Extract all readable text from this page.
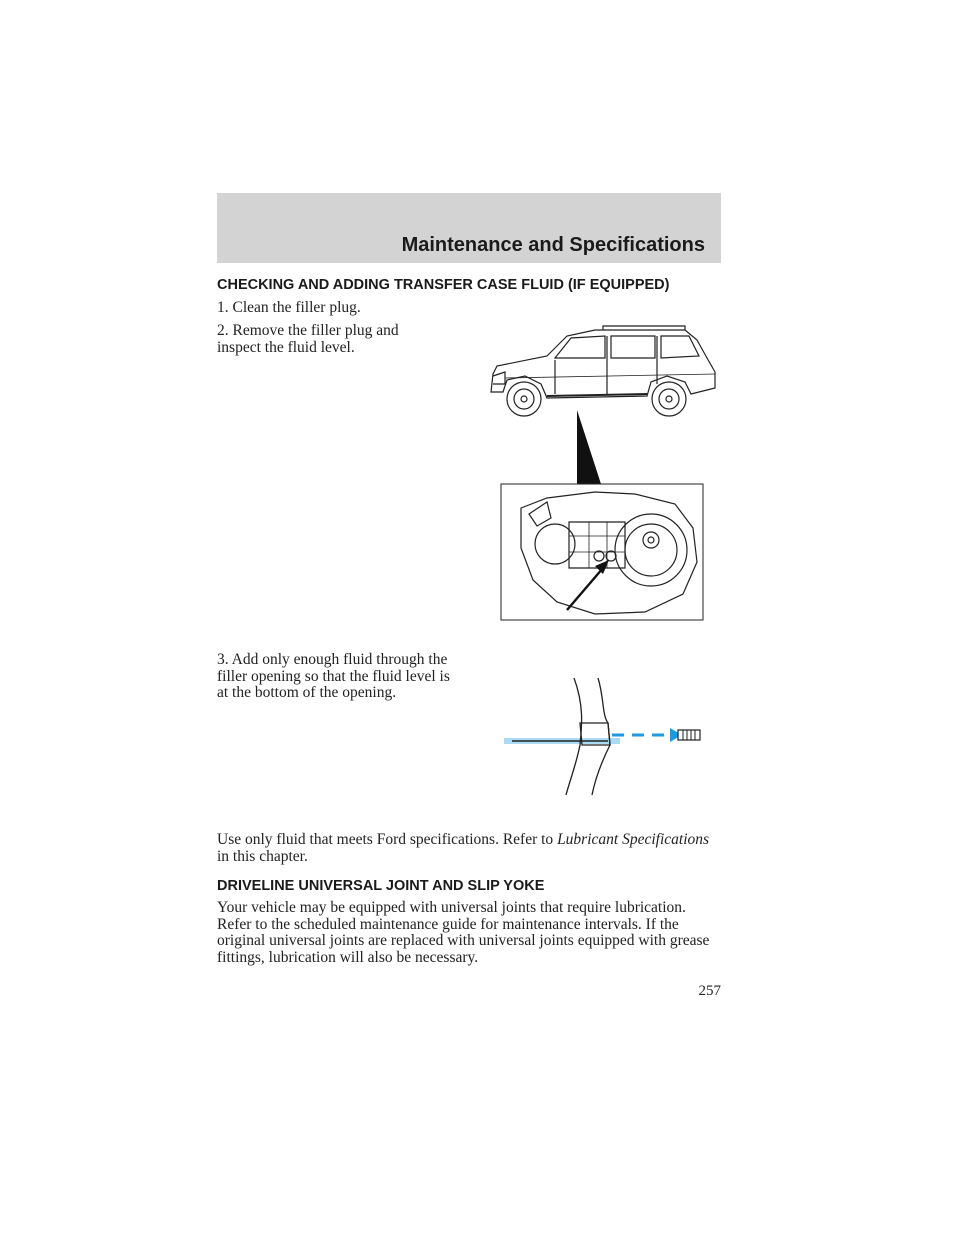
Maintenance and Specifications
CHECKING AND ADDING TRANSFER CASE FLUID (IF EQUIPPED)
1. Clean the filler plug.
2. Remove the filler plug and inspect the fluid level.
3. Add only enough fluid through the filler opening so that the fluid level is at the bottom of the opening.
Use only fluid that meets Ford specifications. Refer to Lubricant Specifications in this chapter.
DRIVELINE UNIVERSAL JOINT AND SLIP YOKE
Your vehicle may be equipped with universal joints that require lubrication. Refer to the scheduled maintenance guide for maintenance intervals. If the original universal joints are replaced with universal joints equipped with grease fittings, lubrication will also be necessary.
257
